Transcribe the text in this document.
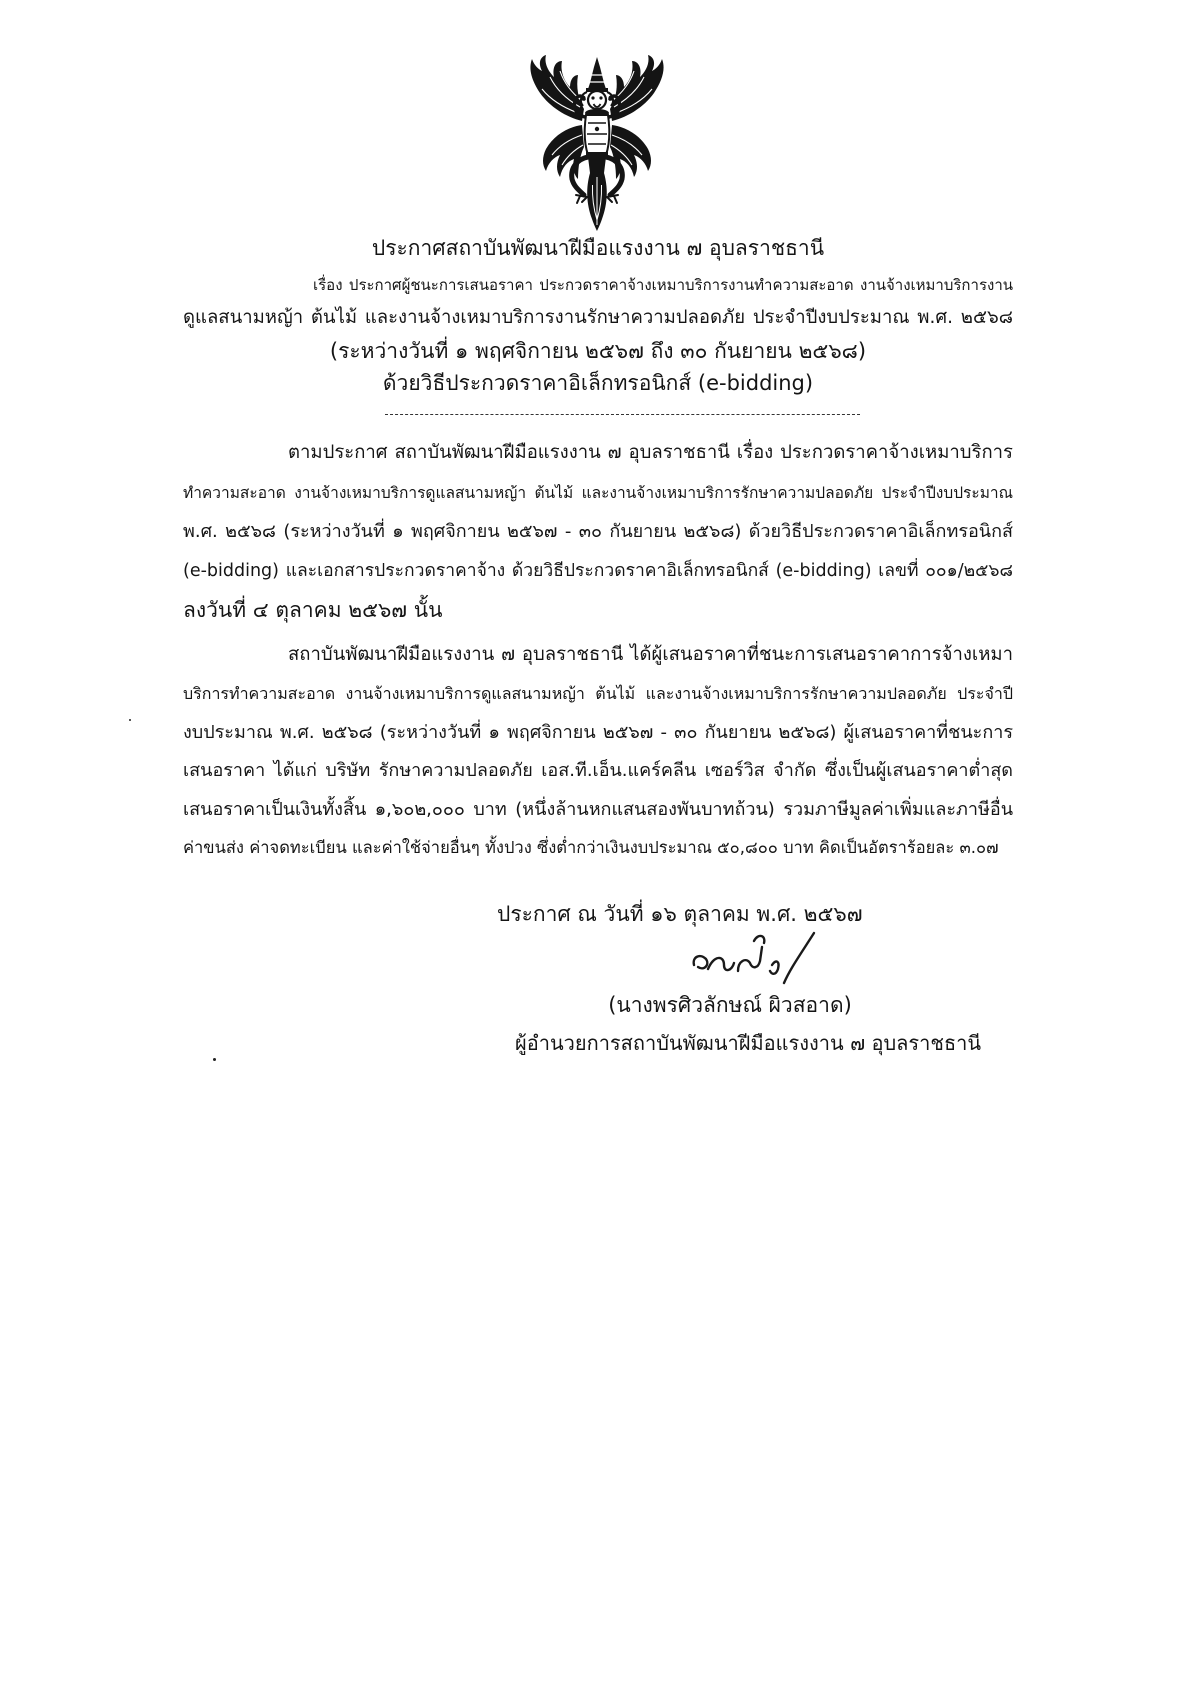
ประกาศสถาบันพัฒนาฝีมือแรงงาน ๗ อุบลราชธานี
เรื่อง ประกาศผู้ชนะการเสนอราคา ประกวดราคาจ้างเหมาบริการงานทำความสะอาด งานจ้างเหมาบริการงาน
ดูแลสนามหญ้า ต้นไม้ และงานจ้างเหมาบริการงานรักษาความปลอดภัย ประจำปีงบประมาณ พ.ศ. ๒๕๖๘
(ระหว่างวันที่ ๑ พฤศจิกายน ๒๕๖๗ ถึง ๓๐ กันยายน ๒๕๖๘)
ด้วยวิธีประกวดราคาอิเล็กทรอนิกส์ (e-bidding)
ตามประกาศ สถาบันพัฒนาฝีมือแรงงาน ๗ อุบลราชธานี เรื่อง ประกวดราคาจ้างเหมาบริการ
ทำความสะอาด งานจ้างเหมาบริการดูแลสนามหญ้า ต้นไม้ และงานจ้างเหมาบริการรักษาความปลอดภัย ประจำปีงบประมาณ
พ.ศ. ๒๕๖๘ (ระหว่างวันที่ ๑ พฤศจิกายน ๒๕๖๗ - ๓๐ กันยายน ๒๕๖๘) ด้วยวิธีประกวดราคาอิเล็กทรอนิกส์
(e-bidding) และเอกสารประกวดราคาจ้าง ด้วยวิธีประกวดราคาอิเล็กทรอนิกส์ (e-bidding) เลขที่ ๐๐๑/๒๕๖๘
ลงวันที่ ๔ ตุลาคม ๒๕๖๗ นั้น
สถาบันพัฒนาฝีมือแรงงาน ๗ อุบลราชธานี ได้ผู้เสนอราคาที่ชนะการเสนอราคาการจ้างเหมา
บริการทำความสะอาด งานจ้างเหมาบริการดูแลสนามหญ้า ต้นไม้ และงานจ้างเหมาบริการรักษาความปลอดภัย ประจำปี
งบประมาณ พ.ศ. ๒๕๖๘ (ระหว่างวันที่ ๑ พฤศจิกายน ๒๕๖๗ - ๓๐ กันยายน ๒๕๖๘) ผู้เสนอราคาที่ชนะการ
เสนอราคา ได้แก่ บริษัท รักษาความปลอดภัย เอส.ที.เอ็น.แคร์คลีน เซอร์วิส จำกัด ซึ่งเป็นผู้เสนอราคาต่ำสุด
เสนอราคาเป็นเงินทั้งสิ้น ๑,๖๐๒,๐๐๐ บาท (หนึ่งล้านหกแสนสองพันบาทถ้วน) รวมภาษีมูลค่าเพิ่มและภาษีอื่น
ค่าขนส่ง ค่าจดทะเบียน และค่าใช้จ่ายอื่นๆ ทั้งปวง ซึ่งต่ำกว่าเงินงบประมาณ ๕๐,๘๐๐ บาท คิดเป็นอัตราร้อยละ ๓.๐๗
ประกาศ ณ วันที่ ๑๖ ตุลาคม พ.ศ. ๒๕๖๗
(นางพรศิวลักษณ์ ผิวสอาด)
ผู้อำนวยการสถาบันพัฒนาฝีมือแรงงาน ๗ อุบลราชธานี
